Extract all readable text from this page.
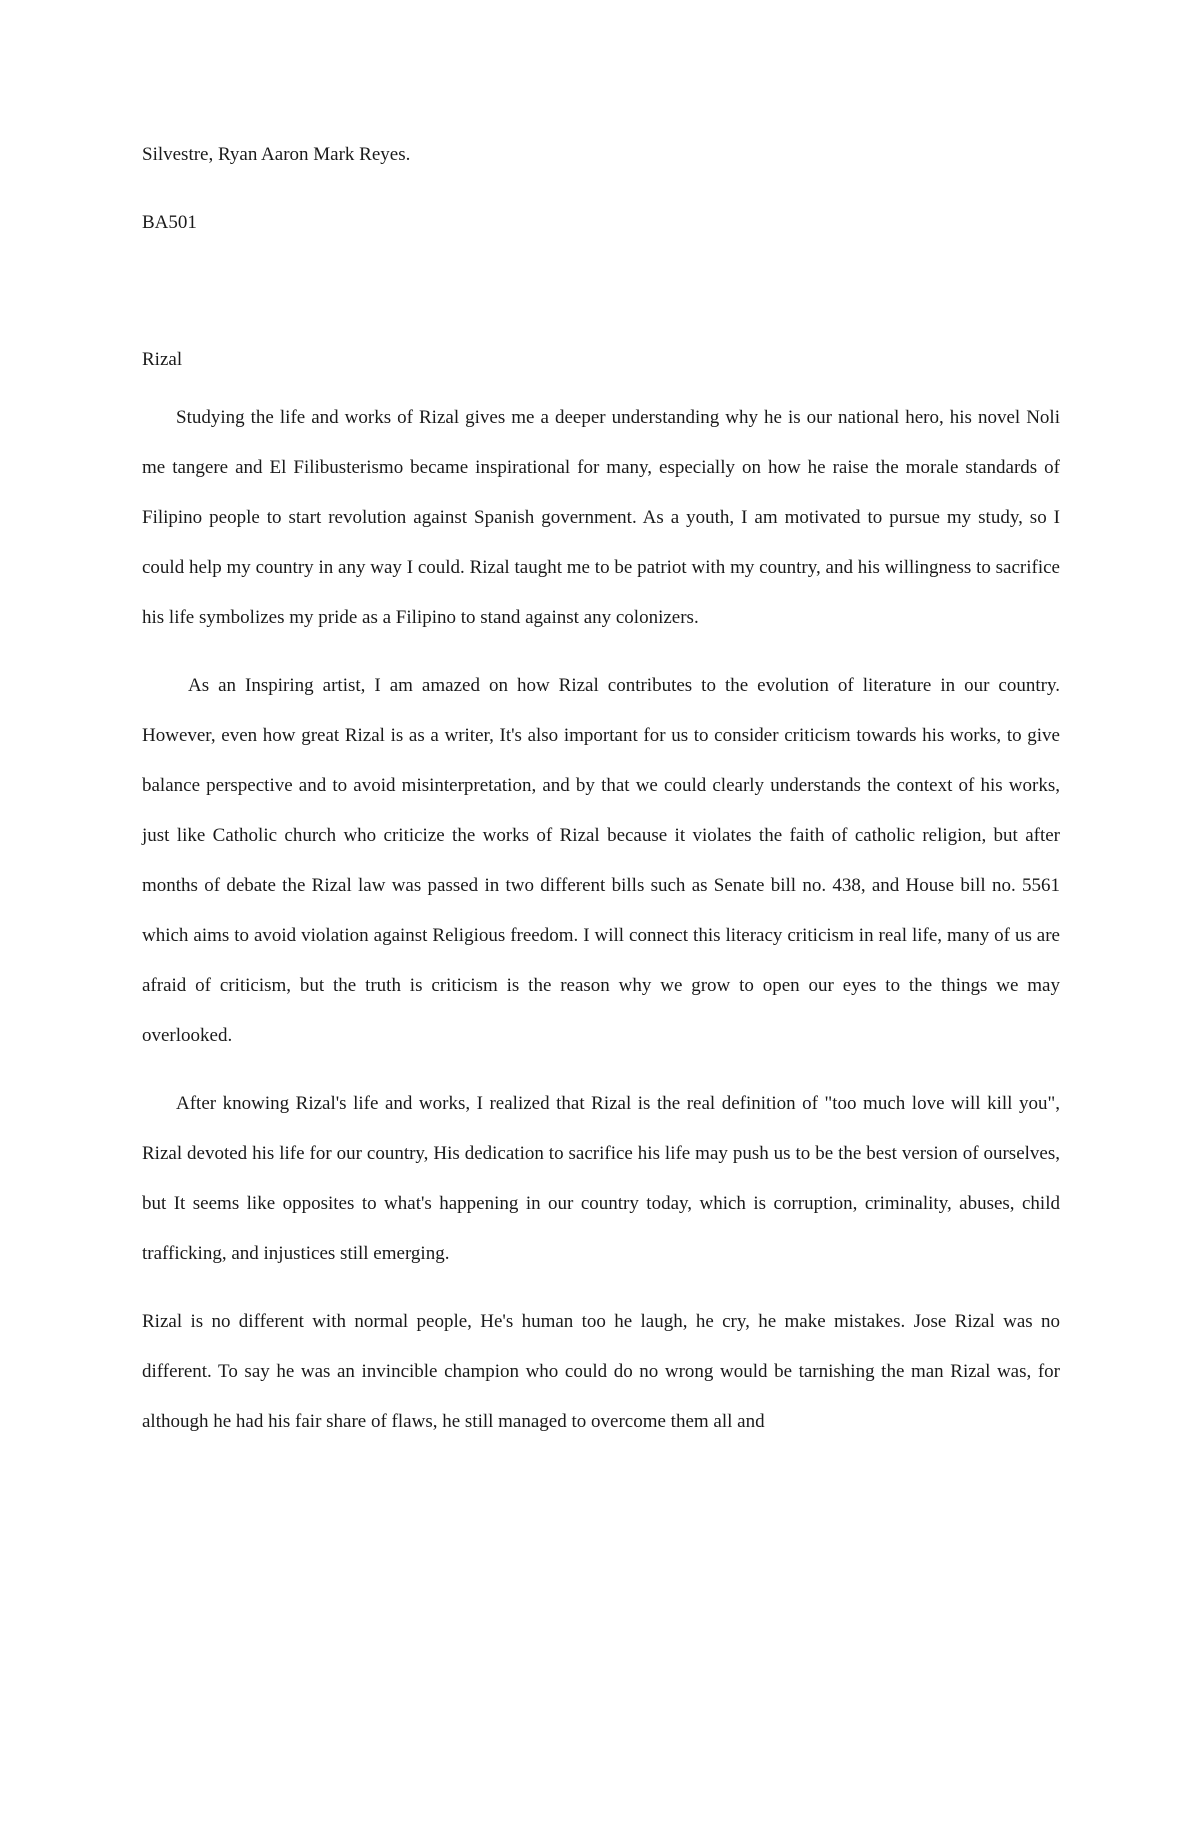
Silvestre, Ryan Aaron Mark Reyes.

BA501

Rizal

Studying the life and works of Rizal gives me a deeper understanding why he is our national hero, his novel Noli me tangere and El Filibusterismo became inspirational for many, especially on how he raise the morale standards of Filipino people to start revolution against Spanish government. As a youth, I am motivated to pursue my study, so I could help my country in any way I could. Rizal taught me to be patriot with my country, and his willingness to sacrifice his life symbolizes my pride as a Filipino to stand against any colonizers.

As an Inspiring artist, I am amazed on how Rizal contributes to the evolution of literature in our country. However, even how great Rizal is as a writer, It's also important for us to consider criticism towards his works, to give balance perspective and to avoid misinterpretation, and by that we could clearly understands the context of his works, just like Catholic church who criticize the works of Rizal because it violates the faith of catholic religion, but after months of debate the Rizal law was passed in two different bills such as Senate bill no. 438, and House bill no. 5561 which aims to avoid violation against Religious freedom. I will connect this literacy criticism in real life, many of us are afraid of criticism, but the truth is criticism is the reason why we grow to open our eyes to the things we may overlooked.

After knowing Rizal's life and works, I realized that Rizal is the real definition of "too much love will kill you", Rizal devoted his life for our country, His dedication to sacrifice his life may push us to be the best version of ourselves, but It seems like opposites to what's happening in our country today, which is corruption, criminality, abuses, child trafficking, and injustices still emerging.

Rizal is no different with normal people, He's human too he laugh, he cry, he make mistakes. Jose Rizal was no different. To say he was an invincible champion who could do no wrong would be tarnishing the man Rizal was, for although he had his fair share of flaws, he still managed to overcome them all and
